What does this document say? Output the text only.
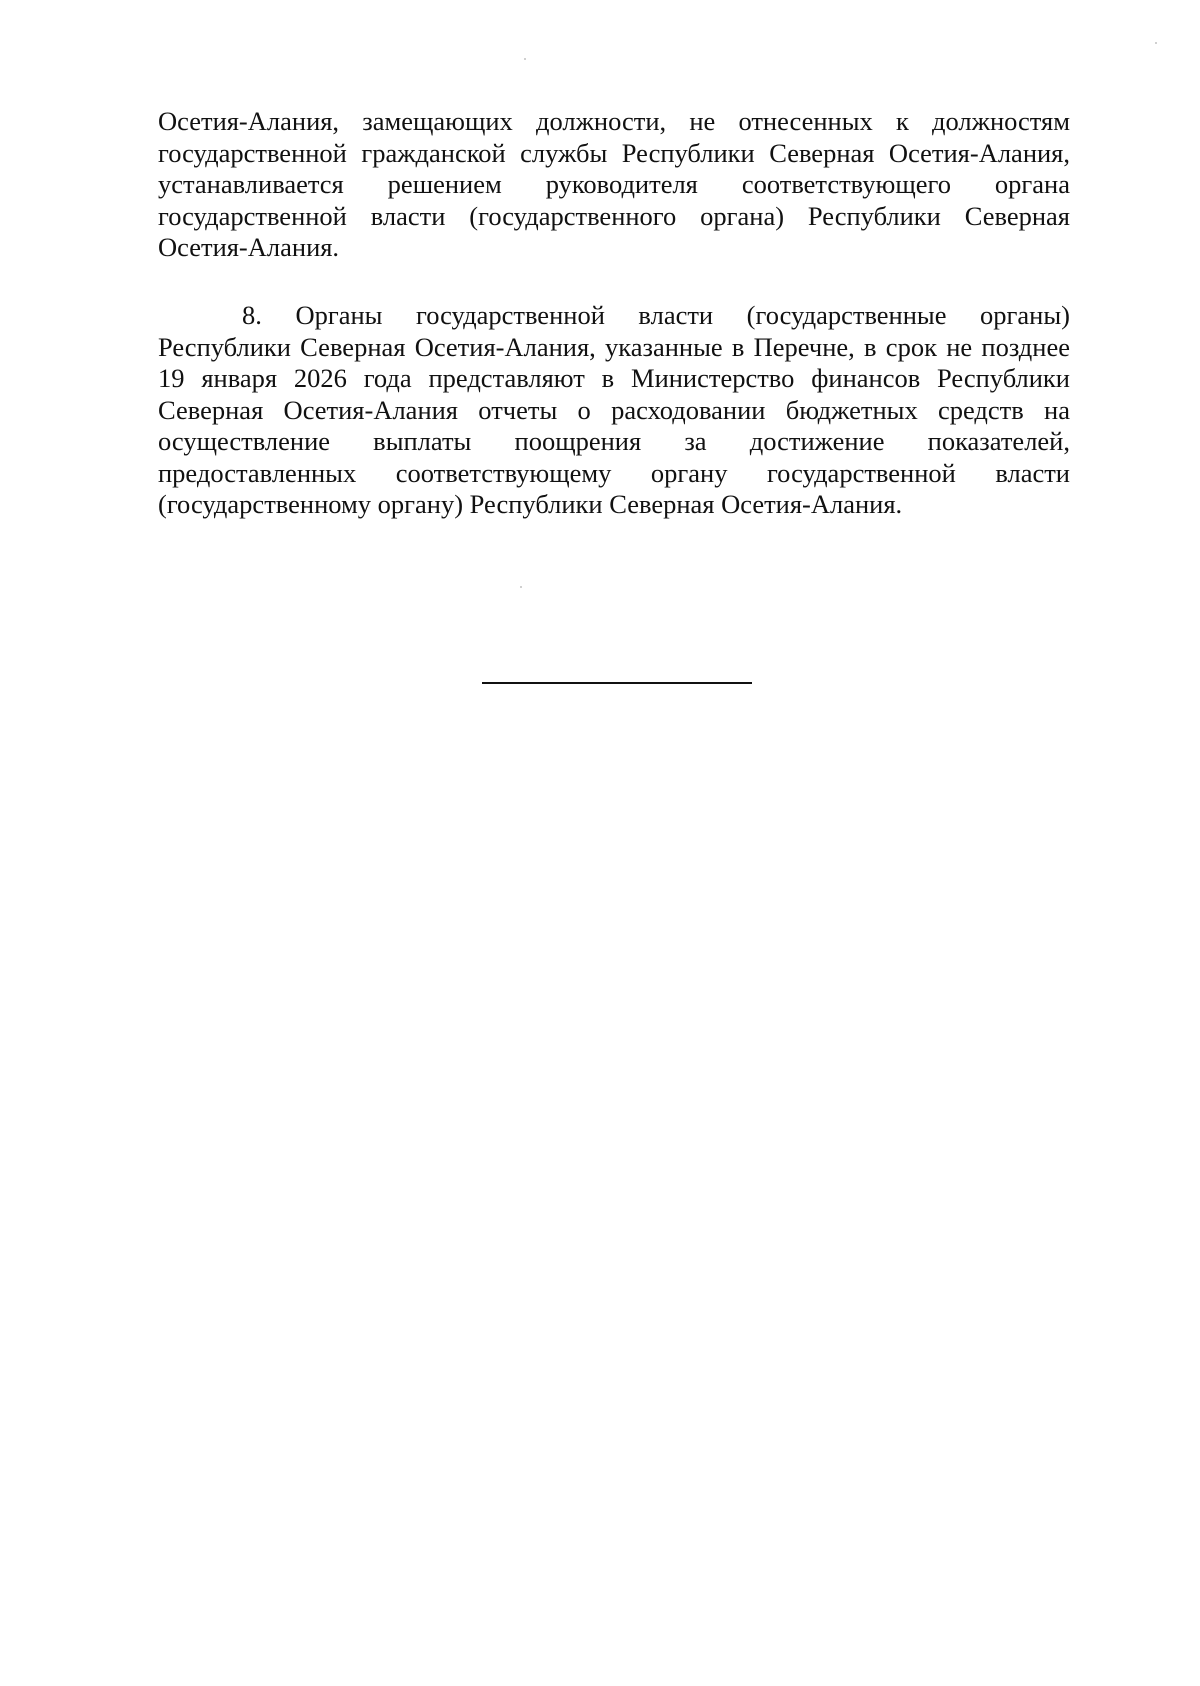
Осетия-Алания, замещающих должности, не отнесенных к должностям государственной гражданской службы Республики Северная Осетия-Алания, устанавливается решением руководителя соответствующего органа государственной власти (государственного органа) Республики Северная Осетия-Алания.

8. Органы государственной власти (государственные органы) Республики Северная Осетия-Алания, указанные в Перечне, в срок не позднее 19 января 2026 года представляют в Министерство финансов Республики Северная Осетия-Алания отчеты о расходовании бюджетных средств на осуществление выплаты поощрения за достижение показателей, предоставленных соответствующему органу государственной власти (государственному органу) Республики Северная Осетия-Алания.
